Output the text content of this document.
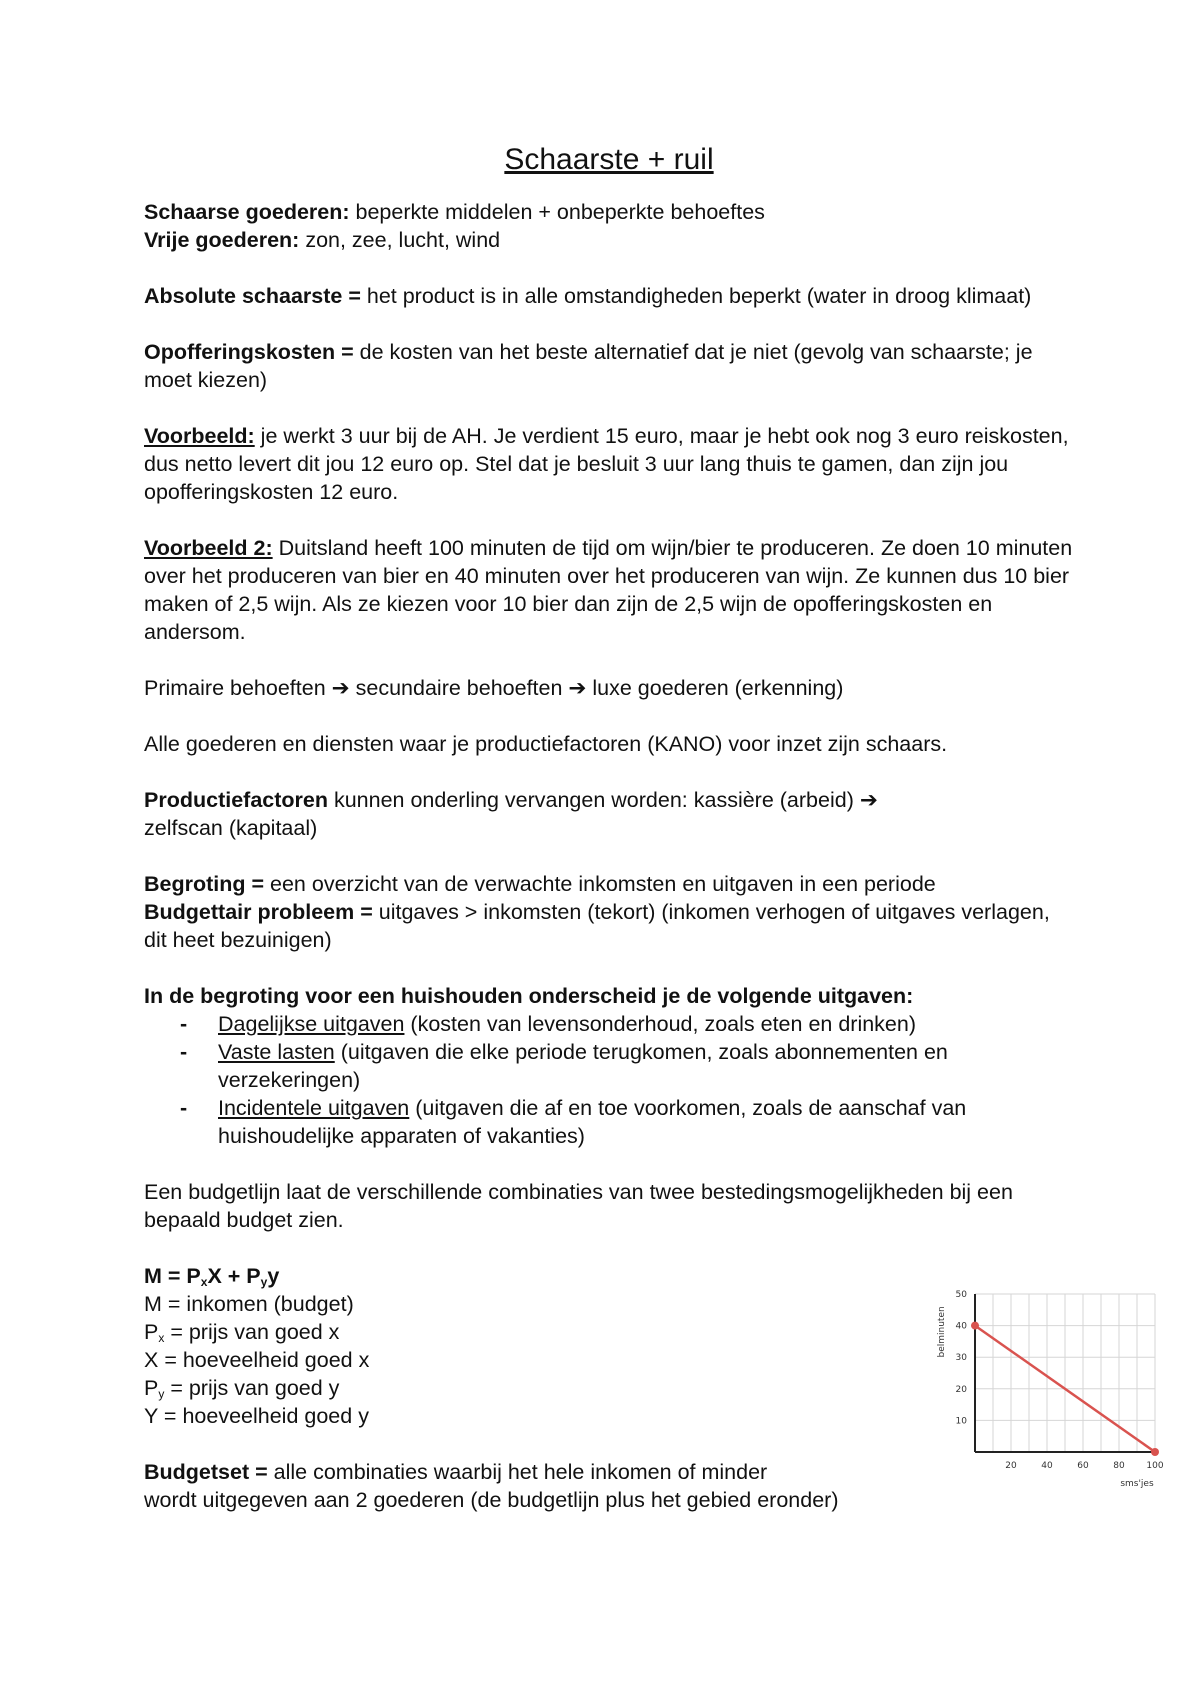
Schaarste + ruil

Schaarse goederen: beperkte middelen + onbeperkte behoeftes

Vrije goederen: zon, zee, lucht, wind

Absolute schaarste = het product is in alle omstandigheden beperkt (water in droog klimaat)

Opofferingskosten = de kosten van het beste alternatief dat je niet (gevolg van schaarste; je moet kiezen)

Voorbeeld: je werkt 3 uur bij de AH. Je verdient 15 euro, maar je hebt ook nog 3 euro reiskosten, dus netto levert dit jou 12 euro op. Stel dat je besluit 3 uur lang thuis te gamen, dan zijn jou opofferingskosten 12 euro.

Voorbeeld 2: Duitsland heeft 100 minuten de tijd om wijn/bier te produceren. Ze doen 10 minuten over het produceren van bier en 40 minuten over het produceren van wijn. Ze kunnen dus 10 bier maken of 2,5 wijn. Als ze kiezen voor 10 bier dan zijn de 2,5 wijn de opofferingskosten en andersom.

Primaire behoeften ➔ secundaire behoeften ➔ luxe goederen (erkenning)

Alle goederen en diensten waar je productiefactoren (KANO) voor inzet zijn schaars.

Productiefactoren kunnen onderling vervangen worden: kassière (arbeid) ➔
zelfscan (kapitaal)

Begroting = een overzicht van de verwachte inkomsten en uitgaven in een periode

Budgettair probleem = uitgaves > inkomsten (tekort) (inkomen verhogen of uitgaves verlagen, dit heet bezuinigen)

In de begroting voor een huishouden onderscheid je de volgende uitgaven:

- Dagelijkse uitgaven (kosten van levensonderhoud, zoals eten en drinken)
- Vaste lasten (uitgaven die elke periode terugkomen, zoals abonnementen en verzekeringen)
- Incidentele uitgaven (uitgaven die af en toe voorkomen, zoals de aanschaf van huishoudelijke apparaten of vakanties)

Een budgetlijn laat de verschillende combinaties van twee bestedingsmogelijkheden bij een bepaald budget zien.

$M = P_xX + P_yy$

M = inkomen (budget)

$P_x$ = prijs van goed x

X = hoeveelheid goed x

$P_y$ = prijs van goed y

Y = hoeveelheid goed y

Budgetset = alle combinaties waarbij het hele inkomen of minder
wordt uitgegeven aan 2 goederen (de budgetlijn plus het gebied eronder)

20	40	60	80 100
10
20
30
40
50
sms'jes
belminuten
